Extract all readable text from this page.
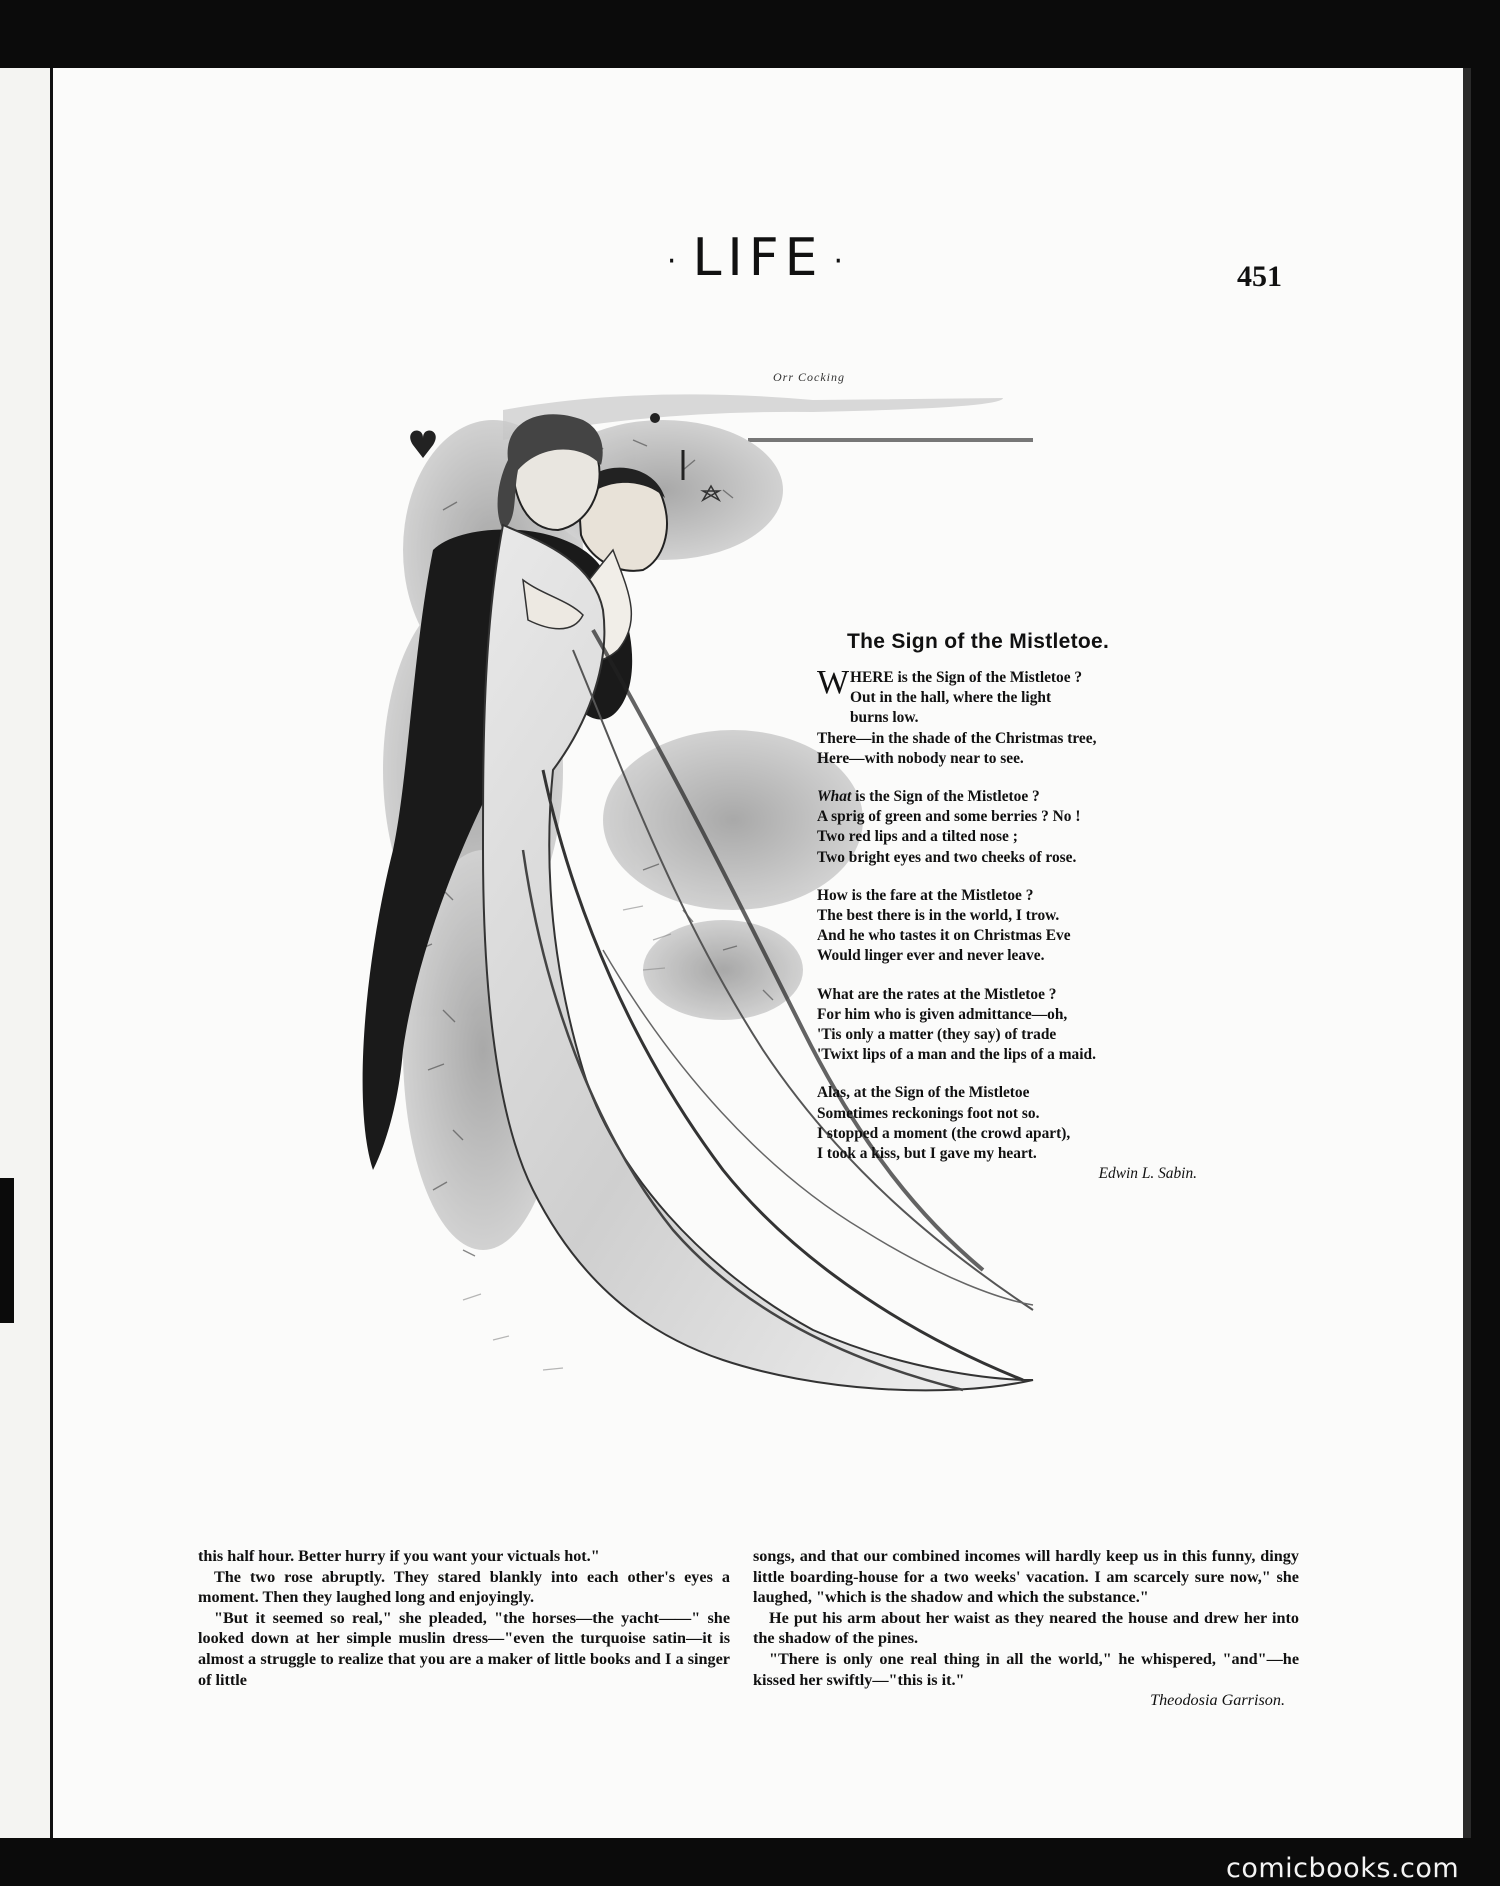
· LIFE ·	451
Orr Cocking
The Sign of the Mistletoe.
W HERE is the Sign of the Mistletoe ?
Out in the hall, where the light
burns low.
There—in the shade of the Christmas tree,
Here—with nobody near to see.
What is the Sign of the Mistletoe ?
A sprig of green and some berries ? No !
Two red lips and a tilted nose ;
Two bright eyes and two cheeks of rose.
How is the fare at the Mistletoe ?
The best there is in the world, I trow.
And he who tastes it on Christmas Eve
Would linger ever and never leave.
What are the rates at the Mistletoe ?
For him who is given admittance—oh,
'Tis only a matter (they say) of trade
'Twixt lips of a man and the lips of a maid.
Alas, at the Sign of the Mistletoe
Sometimes reckonings foot not so.
I stopped a moment (the crowd apart),
I took a kiss, but I gave my heart.
Edwin L. Sabin.

this half hour. Better hurry if you want your victuals hot."

The two rose abruptly. They stared blankly into each other's eyes a moment. Then they laughed long and enjoyingly.

"But it seemed so real," she pleaded, "the horses—the yacht——" she looked down at her simple muslin dress—"even the turquoise satin—it is almost a struggle to realize that you are a maker of little books and I a singer of little

songs, and that our combined incomes will hardly keep us in this funny, dingy little boarding-house for a two weeks' vacation. I am scarcely sure now," she laughed, "which is the shadow and which the substance."

He put his arm about her waist as they neared the house and drew her into the shadow of the pines.

"There is only one real thing in all the world," he whispered, "and"—he kissed her swiftly—"this is it."

Theodosia Garrison.

comicbooks.com
